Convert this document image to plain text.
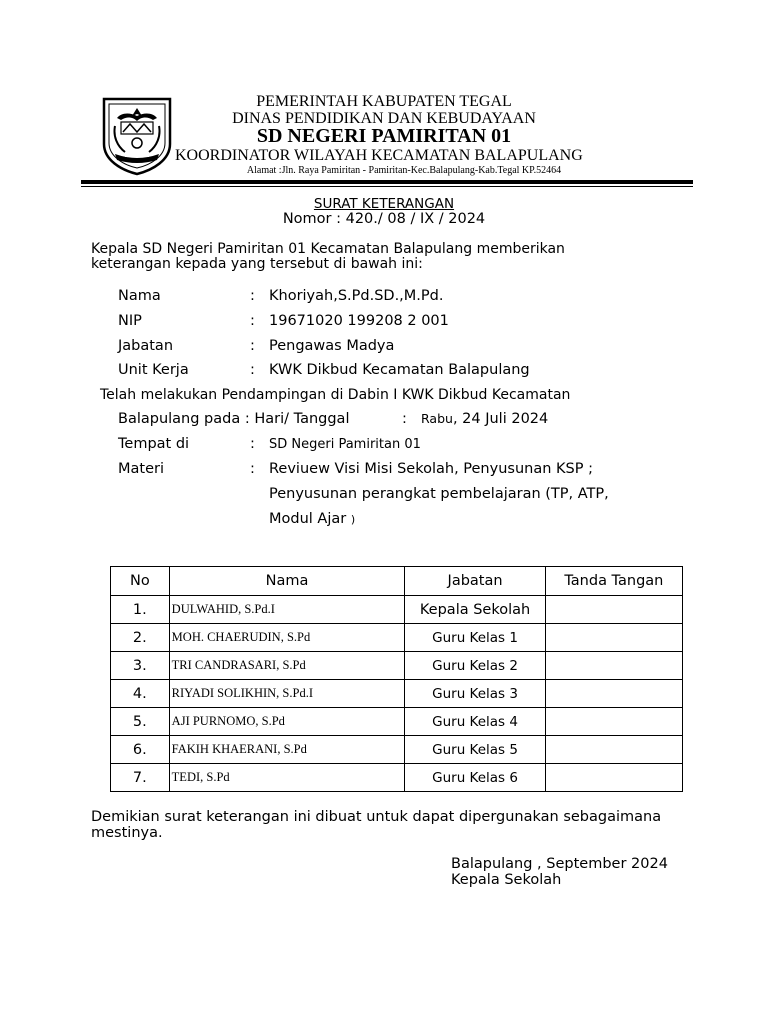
PEMERINTAH KABUPATEN TEGAL
DINAS PENDIDIKAN DAN KEBUDAYAAN
SD NEGERI PAMIRITAN 01
KOORDINATOR WILAYAH KECAMATAN BALAPULANG
Alamat :Jln. Raya Pamiritan - Pamiritan-Kec.Balapulang-Kab.Tegal KP.52464
SURAT KETERANGAN
Nomor : 420./ 08 / IX / 2024
Kepala SD Negeri Pamiritan 01 Kecamatan Balapulang memberikan keterangan kepada yang tersebut di bawah ini:
Nama	: Khoriyah,S.Pd.SD.,M.Pd.
NIP	: 19671020 199208 2 001
Jabatan	: Pengawas Madya
Unit Kerja	: KWK Dikbud Kecamatan Balapulang
Telah melakukan Pendampingan di Dabin I KWK Dikbud Kecamatan
Balapulang pada : Hari/ Tanggal	: Rabu, 24 Juli 2024
Tempat di	: SD Negeri Pamiritan 01
Materi	: Reviuew Visi Misi Sekolah, Penyusunan KSP ;
Penyusunan perangkat pembelajaran (TP, ATP,
Modul Ajar )
No	Nama	Jabatan	Tanda Tangan
1.	DULWAHID, S.Pd.I	Kepala Sekolah	
2.	MOH. CHAERUDIN, S.Pd	Guru Kelas 1	
3.	TRI CANDRASARI, S.Pd	Guru Kelas 2	
4.	RIYADI SOLIKHIN, S.Pd.I	Guru Kelas 3	
5.	AJI PURNOMO, S.Pd	Guru Kelas 4	
6.	FAKIH KHAERANI, S.Pd	Guru Kelas 5	
7.	TEDI, S.Pd	Guru Kelas 6	
Demikian surat keterangan ini dibuat untuk dapat dipergunakan sebagaimana mestinya.
Balapulang , September 2024
Kepala Sekolah
